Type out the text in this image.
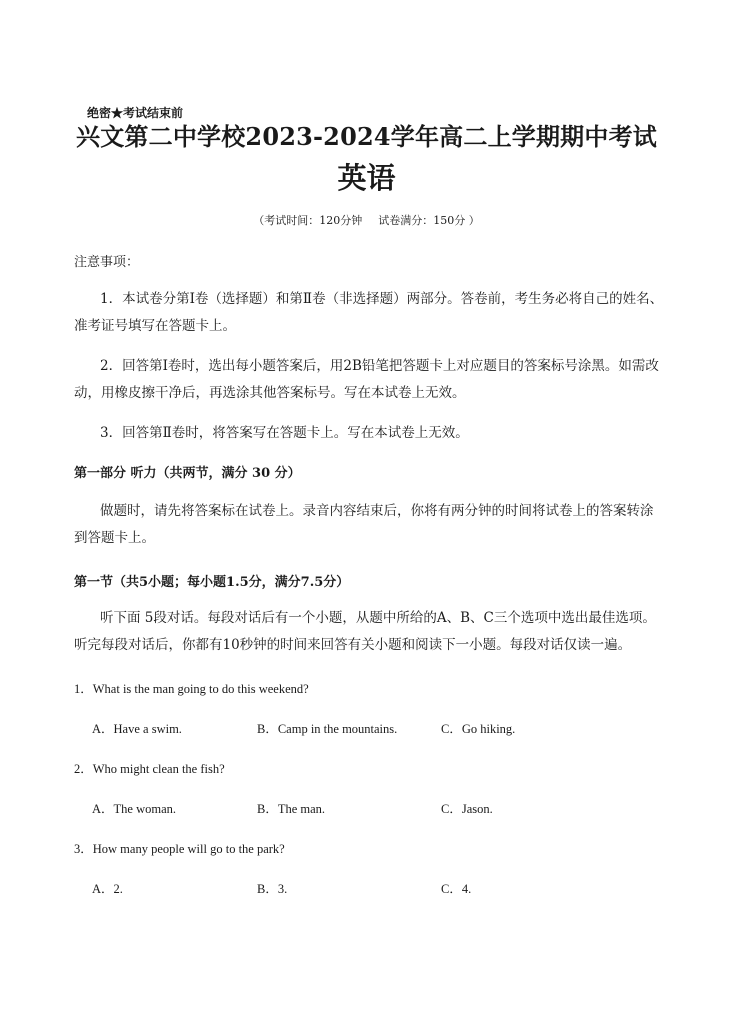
绝密★考试结束前
兴文第二中学校2023-2024学年高二上学期期中考试
英语
（考试时间：120分钟 试卷满分：150分 ）
注意事项：
1．本试卷分第Ⅰ卷（选择题）和第Ⅱ卷（非选择题）两部分。答卷前，考生务必将自己的姓名、准考证号填写在答题卡上。
2．回答第Ⅰ卷时，选出每小题答案后，用2B铅笔把答题卡上对应题目的答案标号涂黑。如需改动，用橡皮擦干净后，再选涂其他答案标号。写在本试卷上无效。
3．回答第Ⅱ卷时，将答案写在答题卡上。写在本试卷上无效。
第一部分 听力（共两节，满分 30 分）
做题时，请先将答案标在试卷上。录音内容结束后，你将有两分钟的时间将试卷上的答案转涂到答题卡上。
第一节（共5小题；每小题1.5分，满分7.5分）
听下面 5段对话。每段对话后有一个小题，从题中所给的A、B、C三个选项中选出最佳选项。听完每段对话后，你都有10秒钟的时间来回答有关小题和阅读下一小题。每段对话仅读一遍。
1．What is the man going to do this weekend?
A．Have a swim.	B．Camp in the mountains.	C．Go hiking.
2．Who might clean the fish?
A．The woman.	B．The man.	C．Jason.
3．How many people will go to the park?
A．2.	B．3.	C．4.
